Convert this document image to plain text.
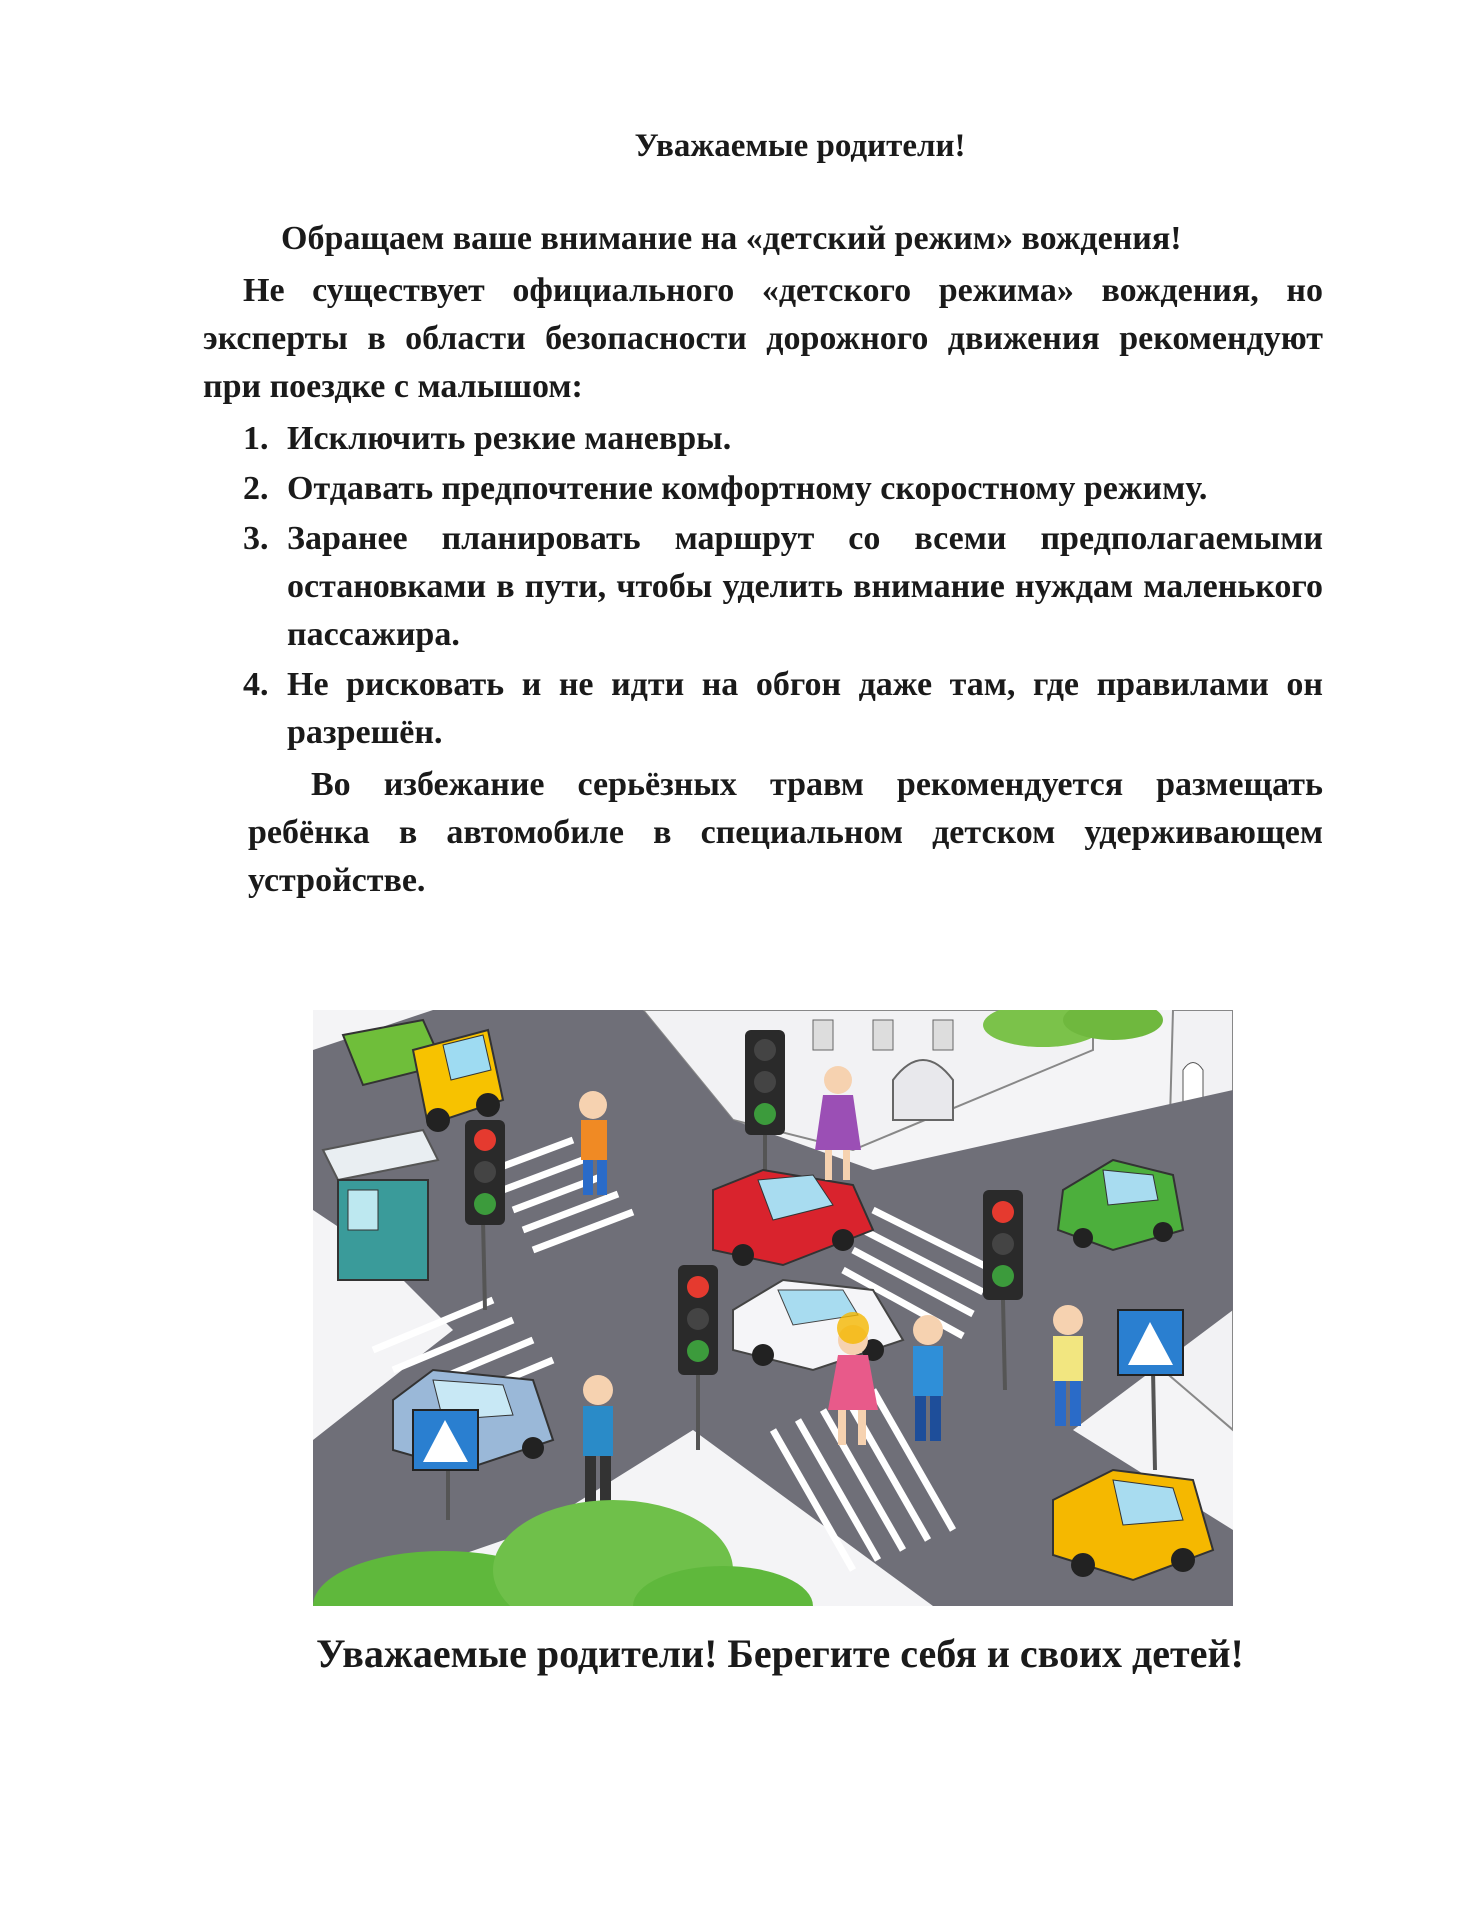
Уважаемые родители!

Обращаем ваше внимание на «детский режим» вождения!

Не существует официального «детского режима» вождения, но эксперты в области безопасности дорожного движения рекомендуют при поездке с малышом:

1. Исключить резкие маневры.
2. Отдавать предпочтение комфортному скоростному режиму.
3. Заранее планировать маршрут со всеми предполагаемыми остановками в пути, чтобы уделить внимание нуждам маленького пассажира.
4. Не рисковать и не идти на обгон даже там, где правилами он разрешён.

Во избежание серьёзных травм рекомендуется размещать ребёнка в автомобиле в специальном детском удерживающем устройстве.

Уважаемые родители! Берегите себя и своих детей!
